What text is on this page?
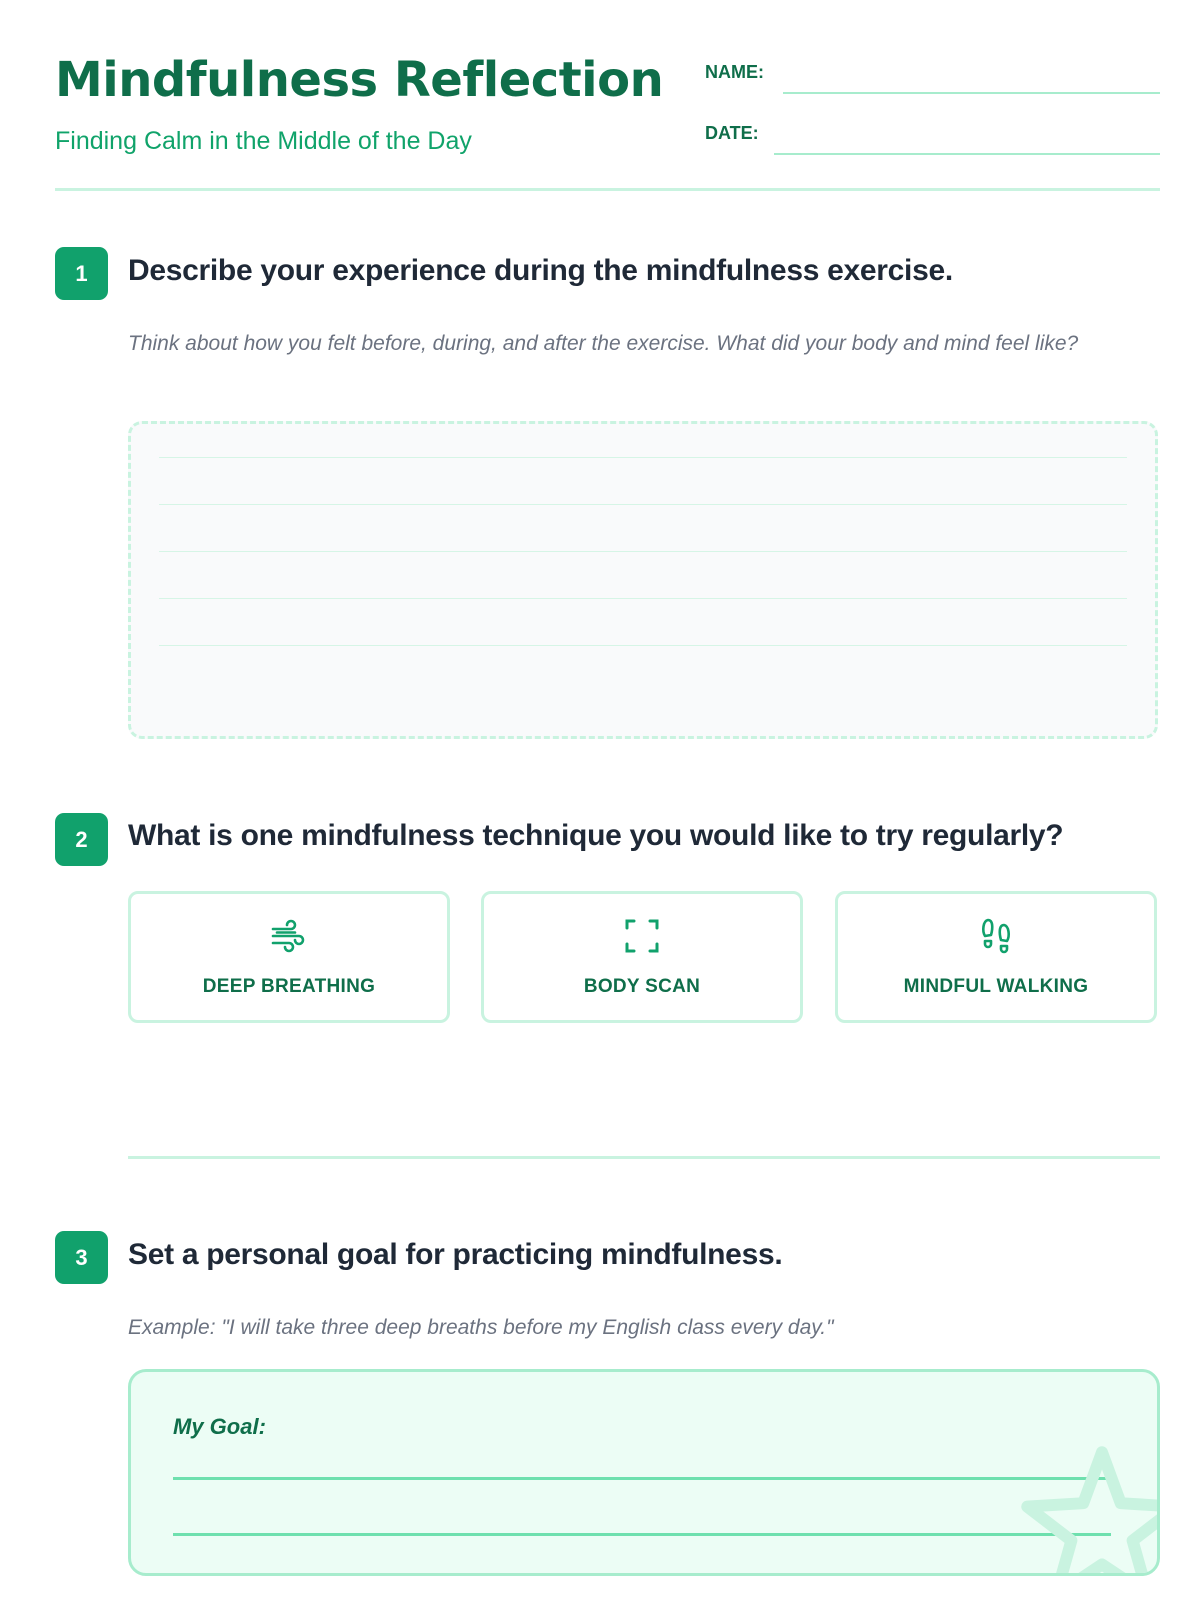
Mindfulness Reflection
Finding Calm in the Middle of the Day
NAME:
DATE:
1	Describe your experience during the mindfulness exercise.
Think about how you felt before, during, and after the exercise. What did your body and mind feel like?
2	What is one mindfulness technique you would like to try regularly?
DEEP BREATHING	BODY SCAN	MINDFUL WALKING
3	Set a personal goal for practicing mindfulness.
Example: "I will take three deep breaths before my English class every day."
My Goal:
